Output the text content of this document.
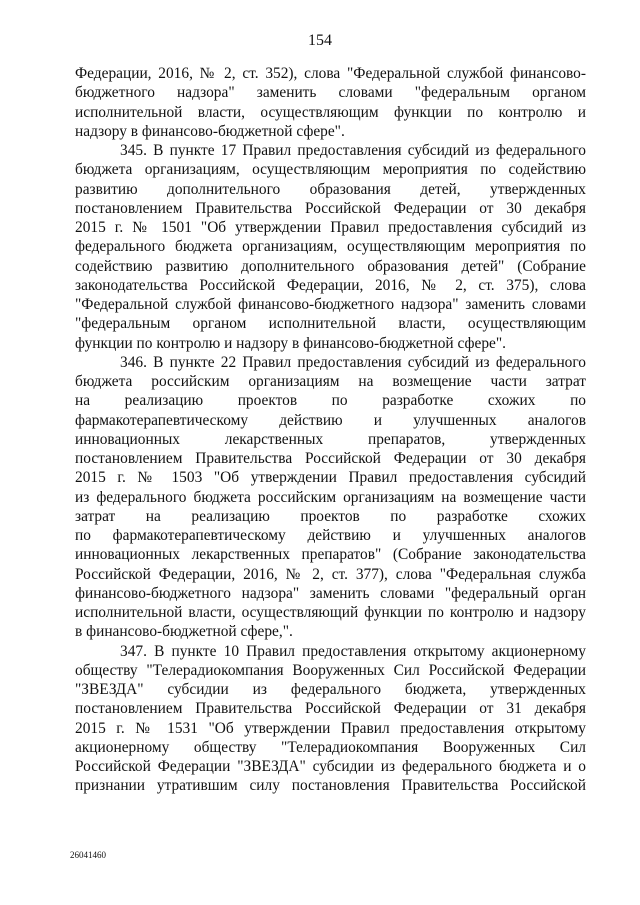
154
Федерации, 2016, № 2, ст. 352), слова "Федеральной службой финансово-
бюджетного надзора" заменить словами "федеральным органом
исполнительной власти, осуществляющим функции по контролю и
надзору в финансово-бюджетной сфере".
345. В пункте 17 Правил предоставления субсидий из федерального
бюджета организациям, осуществляющим мероприятия по содействию
развитию дополнительного образования детей, утвержденных
постановлением Правительства Российской Федерации от 30 декабря
2015 г. № 1501 "Об утверждении Правил предоставления субсидий из
федерального бюджета организациям, осуществляющим мероприятия по
содействию развитию дополнительного образования детей" (Собрание
законодательства Российской Федерации, 2016, № 2, ст. 375), слова
"Федеральной службой финансово-бюджетного надзора" заменить словами
"федеральным органом исполнительной власти, осуществляющим
функции по контролю и надзору в финансово-бюджетной сфере".
346. В пункте 22 Правил предоставления субсидий из федерального
бюджета российским организациям на возмещение части затрат
на реализацию проектов по разработке схожих по
фармакотерапевтическому действию и улучшенных аналогов
инновационных лекарственных препаратов, утвержденных
постановлением Правительства Российской Федерации от 30 декабря
2015 г. № 1503 "Об утверждении Правил предоставления субсидий
из федерального бюджета российским организациям на возмещение части
затрат на реализацию проектов по разработке схожих
по фармакотерапевтическому действию и улучшенных аналогов
инновационных лекарственных препаратов" (Собрание законодательства
Российской Федерации, 2016, № 2, ст. 377), слова "Федеральная служба
финансово-бюджетного надзора" заменить словами "федеральный орган
исполнительной власти, осуществляющий функции по контролю и надзору
в финансово-бюджетной сфере,".
347. В пункте 10 Правил предоставления открытому акционерному
обществу "Телерадиокомпания Вооруженных Сил Российской Федерации
"ЗВЕЗДА" субсидии из федерального бюджета, утвержденных
постановлением Правительства Российской Федерации от 31 декабря
2015 г. № 1531 "Об утверждении Правил предоставления открытому
акционерному обществу "Телерадиокомпания Вооруженных Сил
Российской Федерации "ЗВЕЗДА" субсидии из федерального бюджета и о
признании утратившим силу постановления Правительства Российской
26041460
